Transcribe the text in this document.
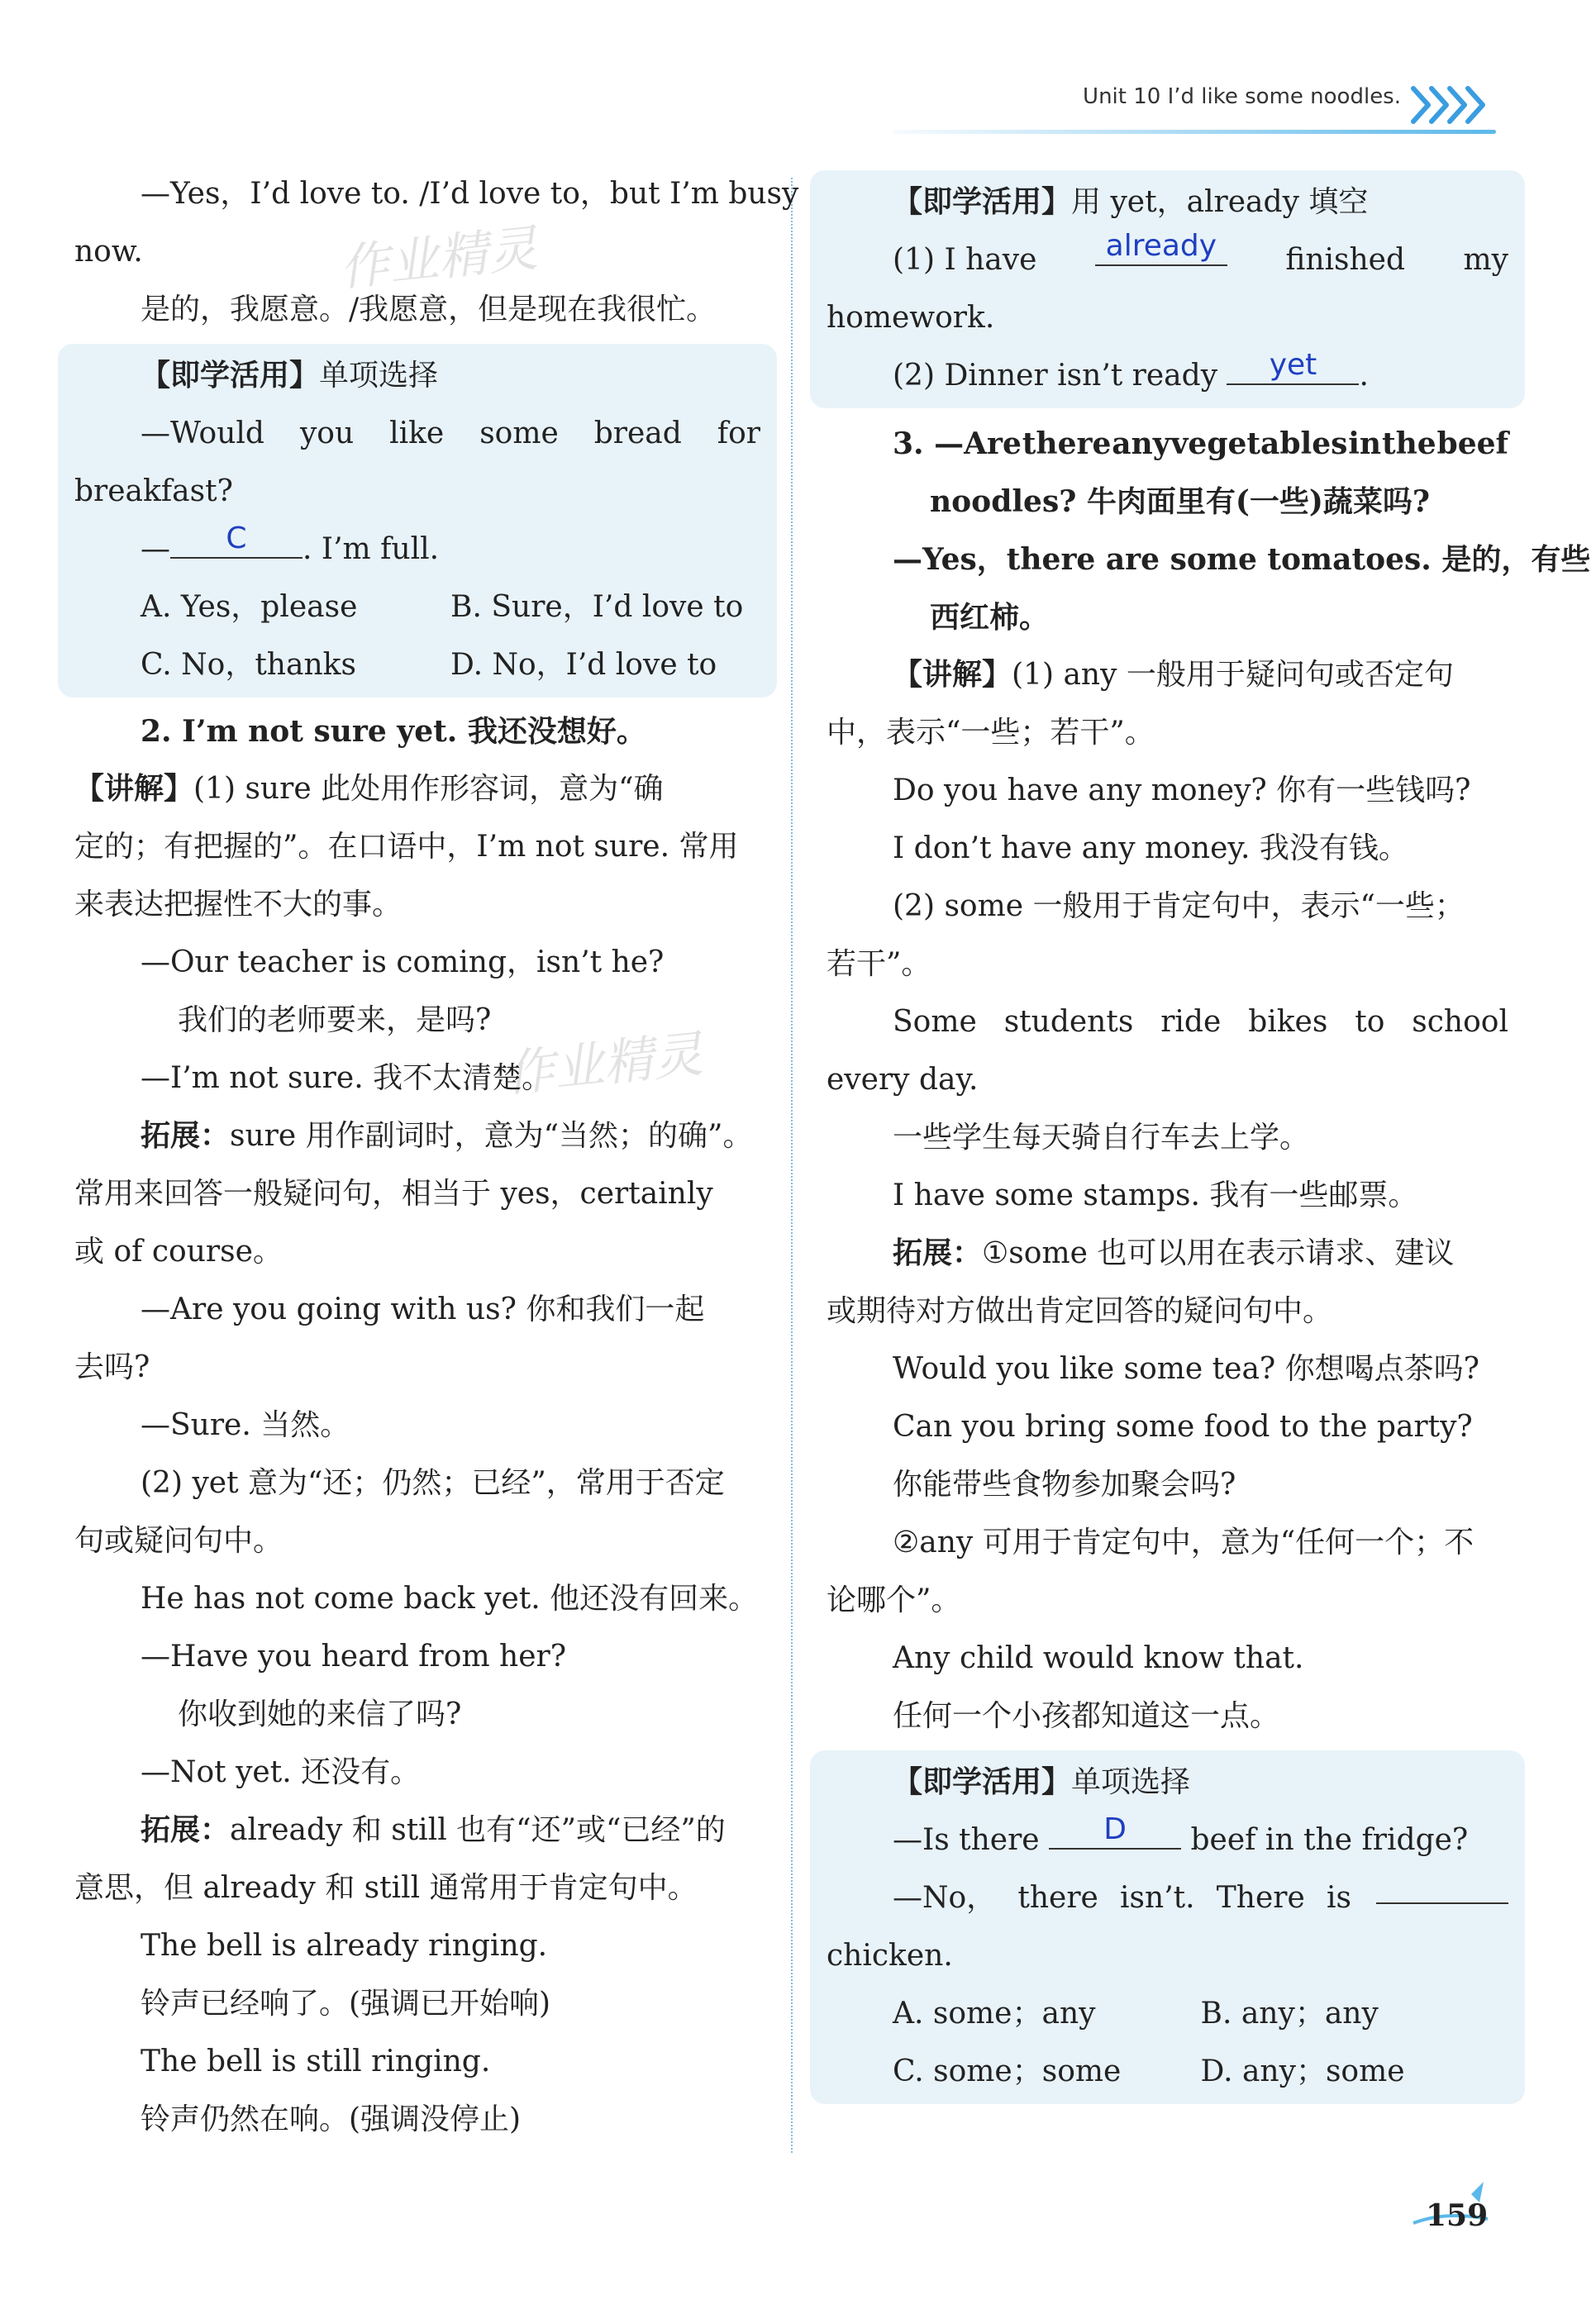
Unit 10 I’d like some noodles.
作业精灵
作业精灵
—Yes，I’d love to. /I’d love to，but I’m busy
now.
是的，我愿意。/我愿意，但是现在我很忙。
【即学活用】单项选择
—Would you like some bread for
breakfast?
—	C	. I’m full.
A. Yes，please	B. Sure，I’d love to
C. No，thanks	D. No，I’d love to
2. I’m not sure yet. 我还没想好。
【讲解】(1) sure 此处用作形容词，意为“确
定的；有把握的”。在口语中，I’m not sure. 常用
来表达把握性不大的事。
—Our teacher is coming，isn’t he?
我们的老师要来，是吗?
—I’m not sure. 我不太清楚。
拓展：sure 用作副词时，意为“当然；的确”。
常用来回答一般疑问句，相当于 yes，certainly
或 of course。
—Are you going with us? 你和我们一起
去吗?
—Sure. 当然。
(2) yet 意为“还；仍然；已经”，常用于否定
句或疑问句中。
He has not come back yet. 他还没有回来。
—Have you heard from her?
你收到她的来信了吗?
—Not yet. 还没有。
拓展：already 和 still 也有“还”或“已经”的
意思，但 already 和 still 通常用于肯定句中。
The bell is already ringing.
铃声已经响了。(强调已开始响)
The bell is still ringing.
铃声仍然在响。(强调没停止)
【即学活用】用 yet，already 填空
(1) I have	already	finished my
homework.
(2) Dinner isn’t ready	yet	.
3. —Are there any vegetables in the beef
noodles? 牛肉面里有(一些)蔬菜吗?
—Yes，there are some tomatoes. 是的，有些
西红柿。
【讲解】(1) any 一般用于疑问句或否定句
中，表示“一些；若干”。
Do you have any money? 你有一些钱吗?
I don’t have any money. 我没有钱。
(2) some 一般用于肯定句中，表示“一些；
若干”。
Some students ride bikes to school
every day.
一些学生每天骑自行车去上学。
I have some stamps. 我有一些邮票。
拓展：①some 也可以用在表示请求、建议
或期待对方做出肯定回答的疑问句中。
Would you like some tea? 你想喝点茶吗?
Can you bring some food to the party?
你能带些食物参加聚会吗?
②any 可用于肯定句中，意为“任何一个；不
论哪个”。
Any child would know that.
任何一个小孩都知道这一点。
【即学活用】单项选择
—Is there	D	beef in the fridge?
—No， there isn’t. There is
chicken.
A. some；any	B. any；any
C. some；some	D. any；some
159
